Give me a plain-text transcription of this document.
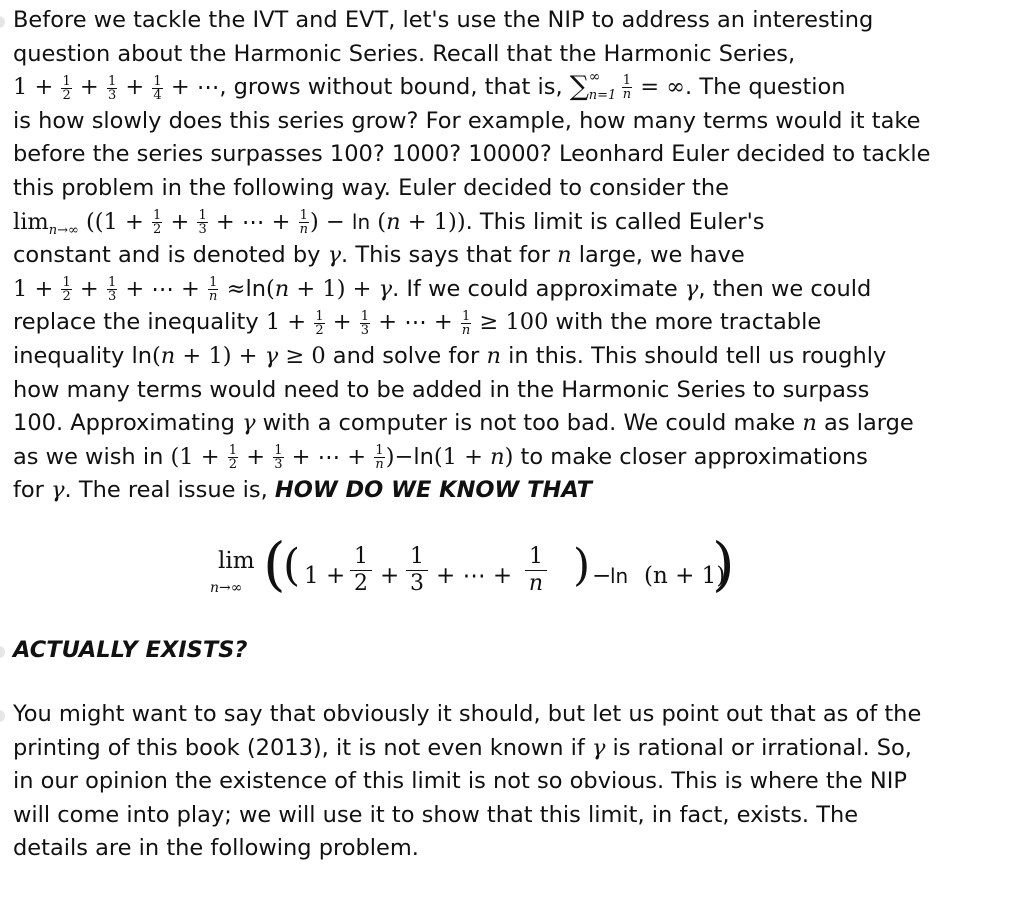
Before we tackle the IVT and EVT, let's use the NIP to address an interesting
question about the Harmonic Series. Recall that the Harmonic Series,
$1 + \frac{1}{2} + \frac{1}{3} + \frac{1}{4}$ + ⋯, grows without bound, that is, ∑ ∞
$n=1 \frac{1}{n}$ = ∞. The question
is how slowly does this series grow? For example, how many terms would it take
before the series surpasses 100? 1000? 10000? Leonhard Euler decided to tackle
this problem in the following way. Euler decided to consider the
$\lim_{n\to\infty} ((1 + \frac{1}{2} + \frac{1}{3}$ + ⋯ + $\frac{1}{n}$ ) − ln (n + 1)). This limit is called Euler's
constant and is denoted by γ. This says that for n large, we have
$1 + \frac{1}{2} + \frac{1}{3}$ + ⋯ + $\frac{1}{n} \approx\ln(n + 1) + \gamma$. If we could approximate γ, then we could
replace the inequality $1 + \frac{1}{2} + \frac{1}{3}$ + ⋯ + $\frac{1}{n} \ge 100$ with the more tractable
inequality ln(n + 1) + γ ≥ 0 and solve for n in this. This should tell us roughly
how many terms would need to be added in the Harmonic Series to surpass
100. Approximating γ with a computer is not too bad. We could make n as large
as we wish in ($1 + \frac{1}{2} + \frac{1}{3}$ + ⋯ + $\frac{1}{n} )-\ln(1 + n)$ to make closer approximations
for γ. The real issue is, HOW DO WE KNOW THAT
lim
n→∞ (
( $1 + \frac{1}{2} + \frac{1}{3}$ + ⋯ + $\frac{1}{n}$ ) −
ln (n + 1)
)
ACTUALLY EXISTS?
You might want to say that obviously it should, but let us point out that as of the
printing of this book (2013), it is not even known if γ is rational or irrational. So,
in our opinion the existence of this limit is not so obvious. This is where the NIP
will come into play; we will use it to show that this limit, in fact, exists. The
details are in the following problem.
